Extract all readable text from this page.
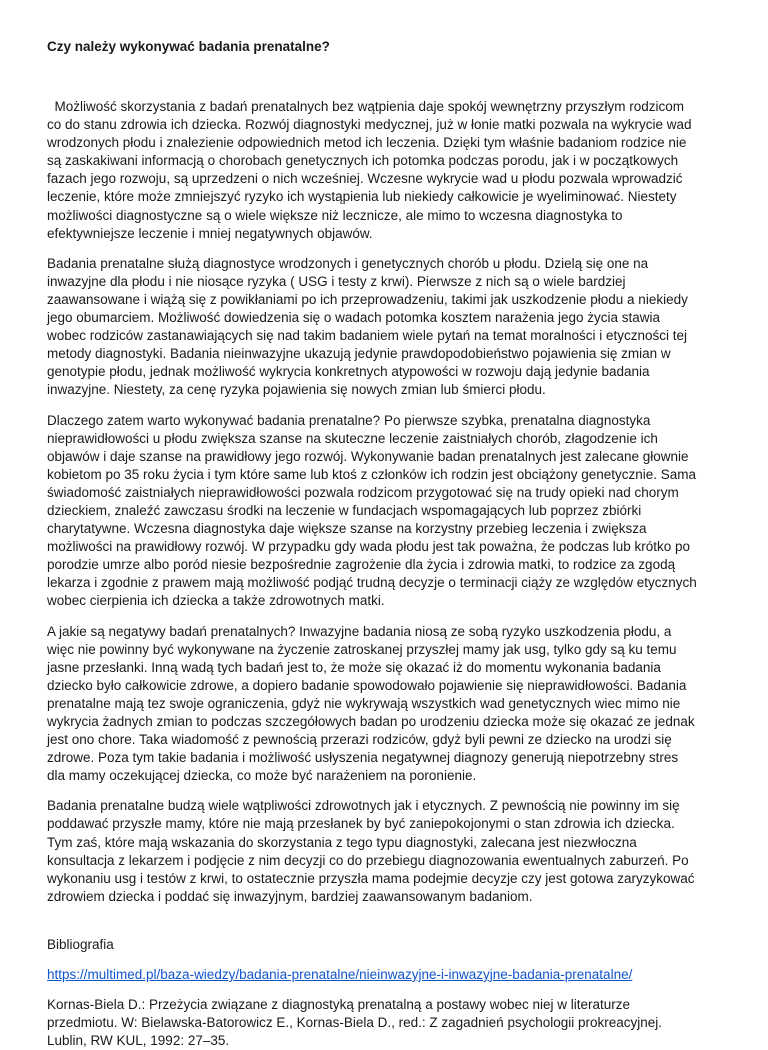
Czy należy wykonywać badania prenatalne?

Możliwość skorzystania z badań prenatalnych bez wątpienia daje spokój wewnętrzny przyszłym rodzicom co do stanu zdrowia ich dziecka. Rozwój diagnostyki medycznej, już w łonie matki pozwala na wykrycie wad wrodzonych płodu i znalezienie odpowiednich metod ich leczenia. Dzięki tym właśnie badaniom rodzice nie są zaskakiwani informacją o chorobach genetycznych ich potomka podczas porodu, jak i w początkowych fazach jego rozwoju, są uprzedzeni o nich wcześniej. Wczesne wykrycie wad u płodu pozwala wprowadzić leczenie, które może zmniejszyć ryzyko ich wystąpienia lub niekiedy całkowicie je wyeliminować. Niestety możliwości diagnostyczne są o wiele większe niż lecznicze, ale mimo to wczesna diagnostyka to efektywniejsze leczenie i mniej negatywnych objawów.

Badania prenatalne służą diagnostyce wrodzonych i genetycznych chorób u płodu. Dzielą się one na inwazyjne dla płodu i nie niosące ryzyka ( USG i testy z krwi). Pierwsze z nich są o wiele bardziej zaawansowane i wiążą się z powikłaniami po ich przeprowadzeniu, takimi jak uszkodzenie płodu a niekiedy jego obumarciem. Możliwość dowiedzenia się o wadach potomka kosztem narażenia jego życia stawia wobec rodziców zastanawiających się nad takim badaniem wiele pytań na temat moralności i etyczności tej metody diagnostyki. Badania nieinwazyjne ukazują jedynie prawdopodobieństwo pojawienia się zmian w genotypie płodu, jednak możliwość wykrycia konkretnych atypowości w rozwoju dają jedynie badania inwazyjne. Niestety, za cenę ryzyka pojawienia się nowych zmian lub śmierci płodu.

Dlaczego zatem warto wykonywać badania prenatalne? Po pierwsze szybka, prenatalna diagnostyka nieprawidłowości u płodu zwiększa szanse na skuteczne leczenie zaistniałych chorób, złagodzenie ich objawów i daje szanse na prawidłowy jego rozwój. Wykonywanie badan prenatalnych jest zalecane głownie kobietom po 35 roku życia i tym które same lub ktoś z członków ich rodzin jest obciążony genetycznie. Sama świadomość zaistniałych nieprawidłowości pozwala rodzicom przygotować się na trudy opieki nad chorym dzieckiem, znaleźć zawczasu środki na leczenie w fundacjach wspomagających lub poprzez zbiórki charytatywne. Wczesna diagnostyka daje większe szanse na korzystny przebieg leczenia i zwiększa możliwości na prawidłowy rozwój. W przypadku gdy wada płodu jest tak poważna, że podczas lub krótko po porodzie umrze albo poród niesie bezpośrednie zagrożenie dla życia i zdrowia matki, to rodzice za zgodą lekarza i zgodnie z prawem mają możliwość podjąć trudną decyzje o terminacji ciąży ze względów etycznych wobec cierpienia ich dziecka a także zdrowotnych matki.

A jakie są negatywy badań prenatalnych? Inwazyjne badania niosą ze sobą ryzyko uszkodzenia płodu, a więc nie powinny być wykonywane na życzenie zatroskanej przyszłej mamy jak usg, tylko gdy są ku temu jasne przesłanki. Inną wadą tych badań jest to, że może się okazać iż do momentu wykonania badania dziecko było całkowicie zdrowe, a dopiero badanie spowodowało pojawienie się nieprawidłowości. Badania prenatalne mają tez swoje ograniczenia, gdyż nie wykrywają wszystkich wad genetycznych wiec mimo nie wykrycia żadnych zmian to podczas szczegółowych badan po urodzeniu dziecka może się okazać ze jednak jest ono chore. Taka wiadomość z pewnością przerazi rodziców, gdyż byli pewni ze dziecko na urodzi się zdrowe. Poza tym takie badania i możliwość usłyszenia negatywnej diagnozy generują niepotrzebny stres dla mamy oczekującej dziecka, co może być narażeniem na poronienie.

Badania prenatalne budzą wiele wątpliwości zdrowotnych jak i etycznych. Z pewnością nie powinny im się poddawać przyszłe mamy, które nie mają przesłanek by być zaniepokojonymi o stan zdrowia ich dziecka. Tym zaś, które mają wskazania do skorzystania z tego typu diagnostyki, zalecana jest niezwłoczna konsultacja z lekarzem i podjęcie z nim decyzji co do przebiegu diagnozowania ewentualnych zaburzeń. Po wykonaniu usg i testów z krwi, to ostatecznie przyszła mama podejmie decyzje czy jest gotowa zaryzykować zdrowiem dziecka i poddać się inwazyjnym, bardziej zaawansowanym badaniom.

Bibliografia

https://multimed.pl/baza-wiedzy/badania-prenatalne/nieinwazyjne-i-inwazyjne-badania-prenatalne/

Kornas-Biela D.: Przeżycia związane z diagnostyką prenatalną a postawy wobec niej w literaturze przedmiotu. W: Bielawska-Batorowicz E., Kornas-Biela D., red.: Z zagadnień psychologii prokreacyjnej. Lublin, RW KUL, 1992: 27–35.
